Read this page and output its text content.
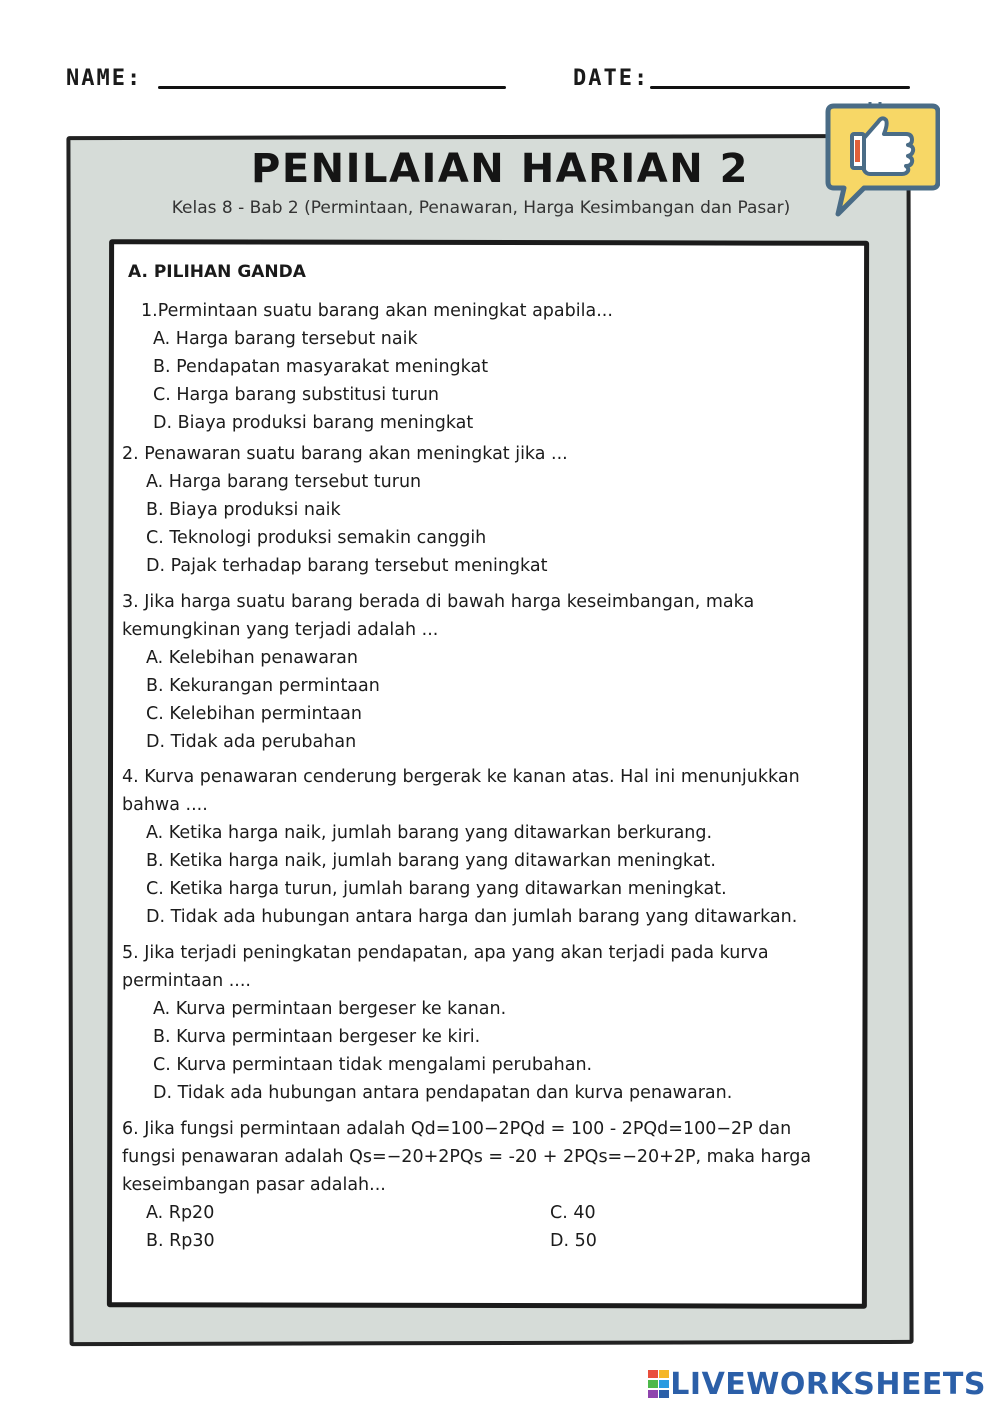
NAME:	DATE:
PENILAIAN HARIAN 2
Kelas 8 - Bab 2 (Permintaan, Penawaran, Harga Kesimbangan dan Pasar)
A. PILIHAN GANDA
1.Permintaan suatu barang akan meningkat apabila...
A. Harga barang tersebut naik
B. Pendapatan masyarakat meningkat
C. Harga barang substitusi turun
D. Biaya produksi barang meningkat
2. Penawaran suatu barang akan meningkat jika ...
A. Harga barang tersebut turun
B. Biaya produksi naik
C. Teknologi produksi semakin canggih
D. Pajak terhadap barang tersebut meningkat
3. Jika harga suatu barang berada di bawah harga keseimbangan, maka
kemungkinan yang terjadi adalah ...
A. Kelebihan penawaran
B. Kekurangan permintaan
C. Kelebihan permintaan
D. Tidak ada perubahan
4. Kurva penawaran cenderung bergerak ke kanan atas. Hal ini menunjukkan
bahwa ....
A. Ketika harga naik, jumlah barang yang ditawarkan berkurang.
B. Ketika harga naik, jumlah barang yang ditawarkan meningkat.
C. Ketika harga turun, jumlah barang yang ditawarkan meningkat.
D. Tidak ada hubungan antara harga dan jumlah barang yang ditawarkan.
5. Jika terjadi peningkatan pendapatan, apa yang akan terjadi pada kurva
permintaan ....
A. Kurva permintaan bergeser ke kanan.
B. Kurva permintaan bergeser ke kiri.
C. Kurva permintaan tidak mengalami perubahan.
D. Tidak ada hubungan antara pendapatan dan kurva penawaran.
6. Jika fungsi permintaan adalah Qd=100−2PQd = 100 - 2PQd=100−2P dan
fungsi penawaran adalah Qs=−20+2PQs = -20 + 2PQs=−20+2P, maka harga
keseimbangan pasar adalah...
A. Rp20
B. Rp30
C. 40
D. 50
LIVEWORKSHEETS
